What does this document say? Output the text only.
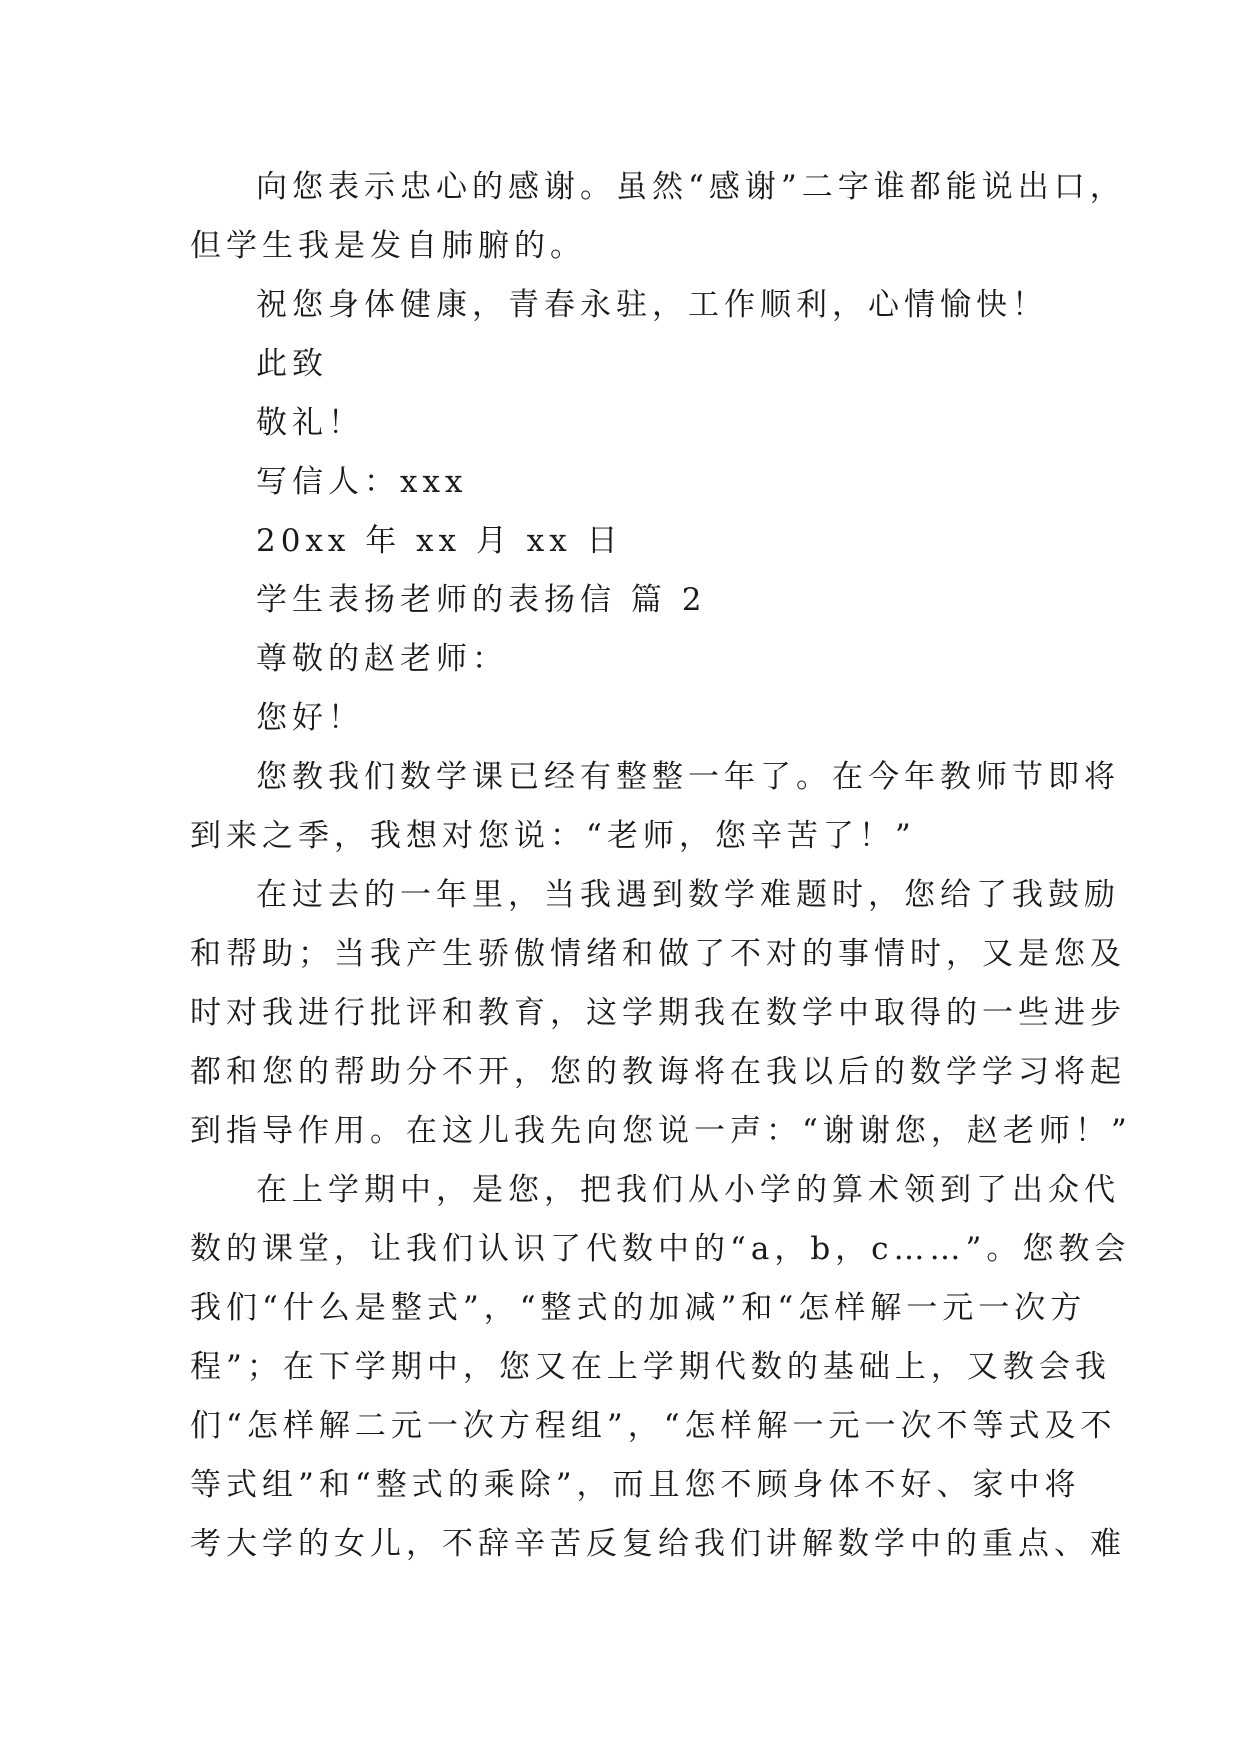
向您表示忠心的感谢。虽然“感谢”二字谁都能说出口，
但学生我是发自肺腑的。
祝您身体健康，青春永驻，工作顺利，心情愉快！
此致
敬礼！
写信人：xxx
20xx 年 xx 月 xx 日
学生表扬老师的表扬信 篇 2
尊敬的赵老师：
您好！
您教我们数学课已经有整整一年了。在今年教师节即将
到来之季，我想对您说：“老师，您辛苦了！”
在过去的一年里，当我遇到数学难题时，您给了我鼓励
和帮助；当我产生骄傲情绪和做了不对的事情时，又是您及
时对我进行批评和教育，这学期我在数学中取得的一些进步
都和您的帮助分不开，您的教诲将在我以后的数学学习将起
到指导作用。在这儿我先向您说一声：“谢谢您，赵老师！”
在上学期中，是您，把我们从小学的算术领到了出众代
数的课堂，让我们认识了代数中的“a，b，c……”。您教会
我们“什么是整式”，“整式的加减”和“怎样解一元一次方
程”；在下学期中，您又在上学期代数的基础上，又教会我
们“怎样解二元一次方程组”，“怎样解一元一次不等式及不
等式组”和“整式的乘除”，而且您不顾身体不好、家中将
考大学的女儿，不辞辛苦反复给我们讲解数学中的重点、难
